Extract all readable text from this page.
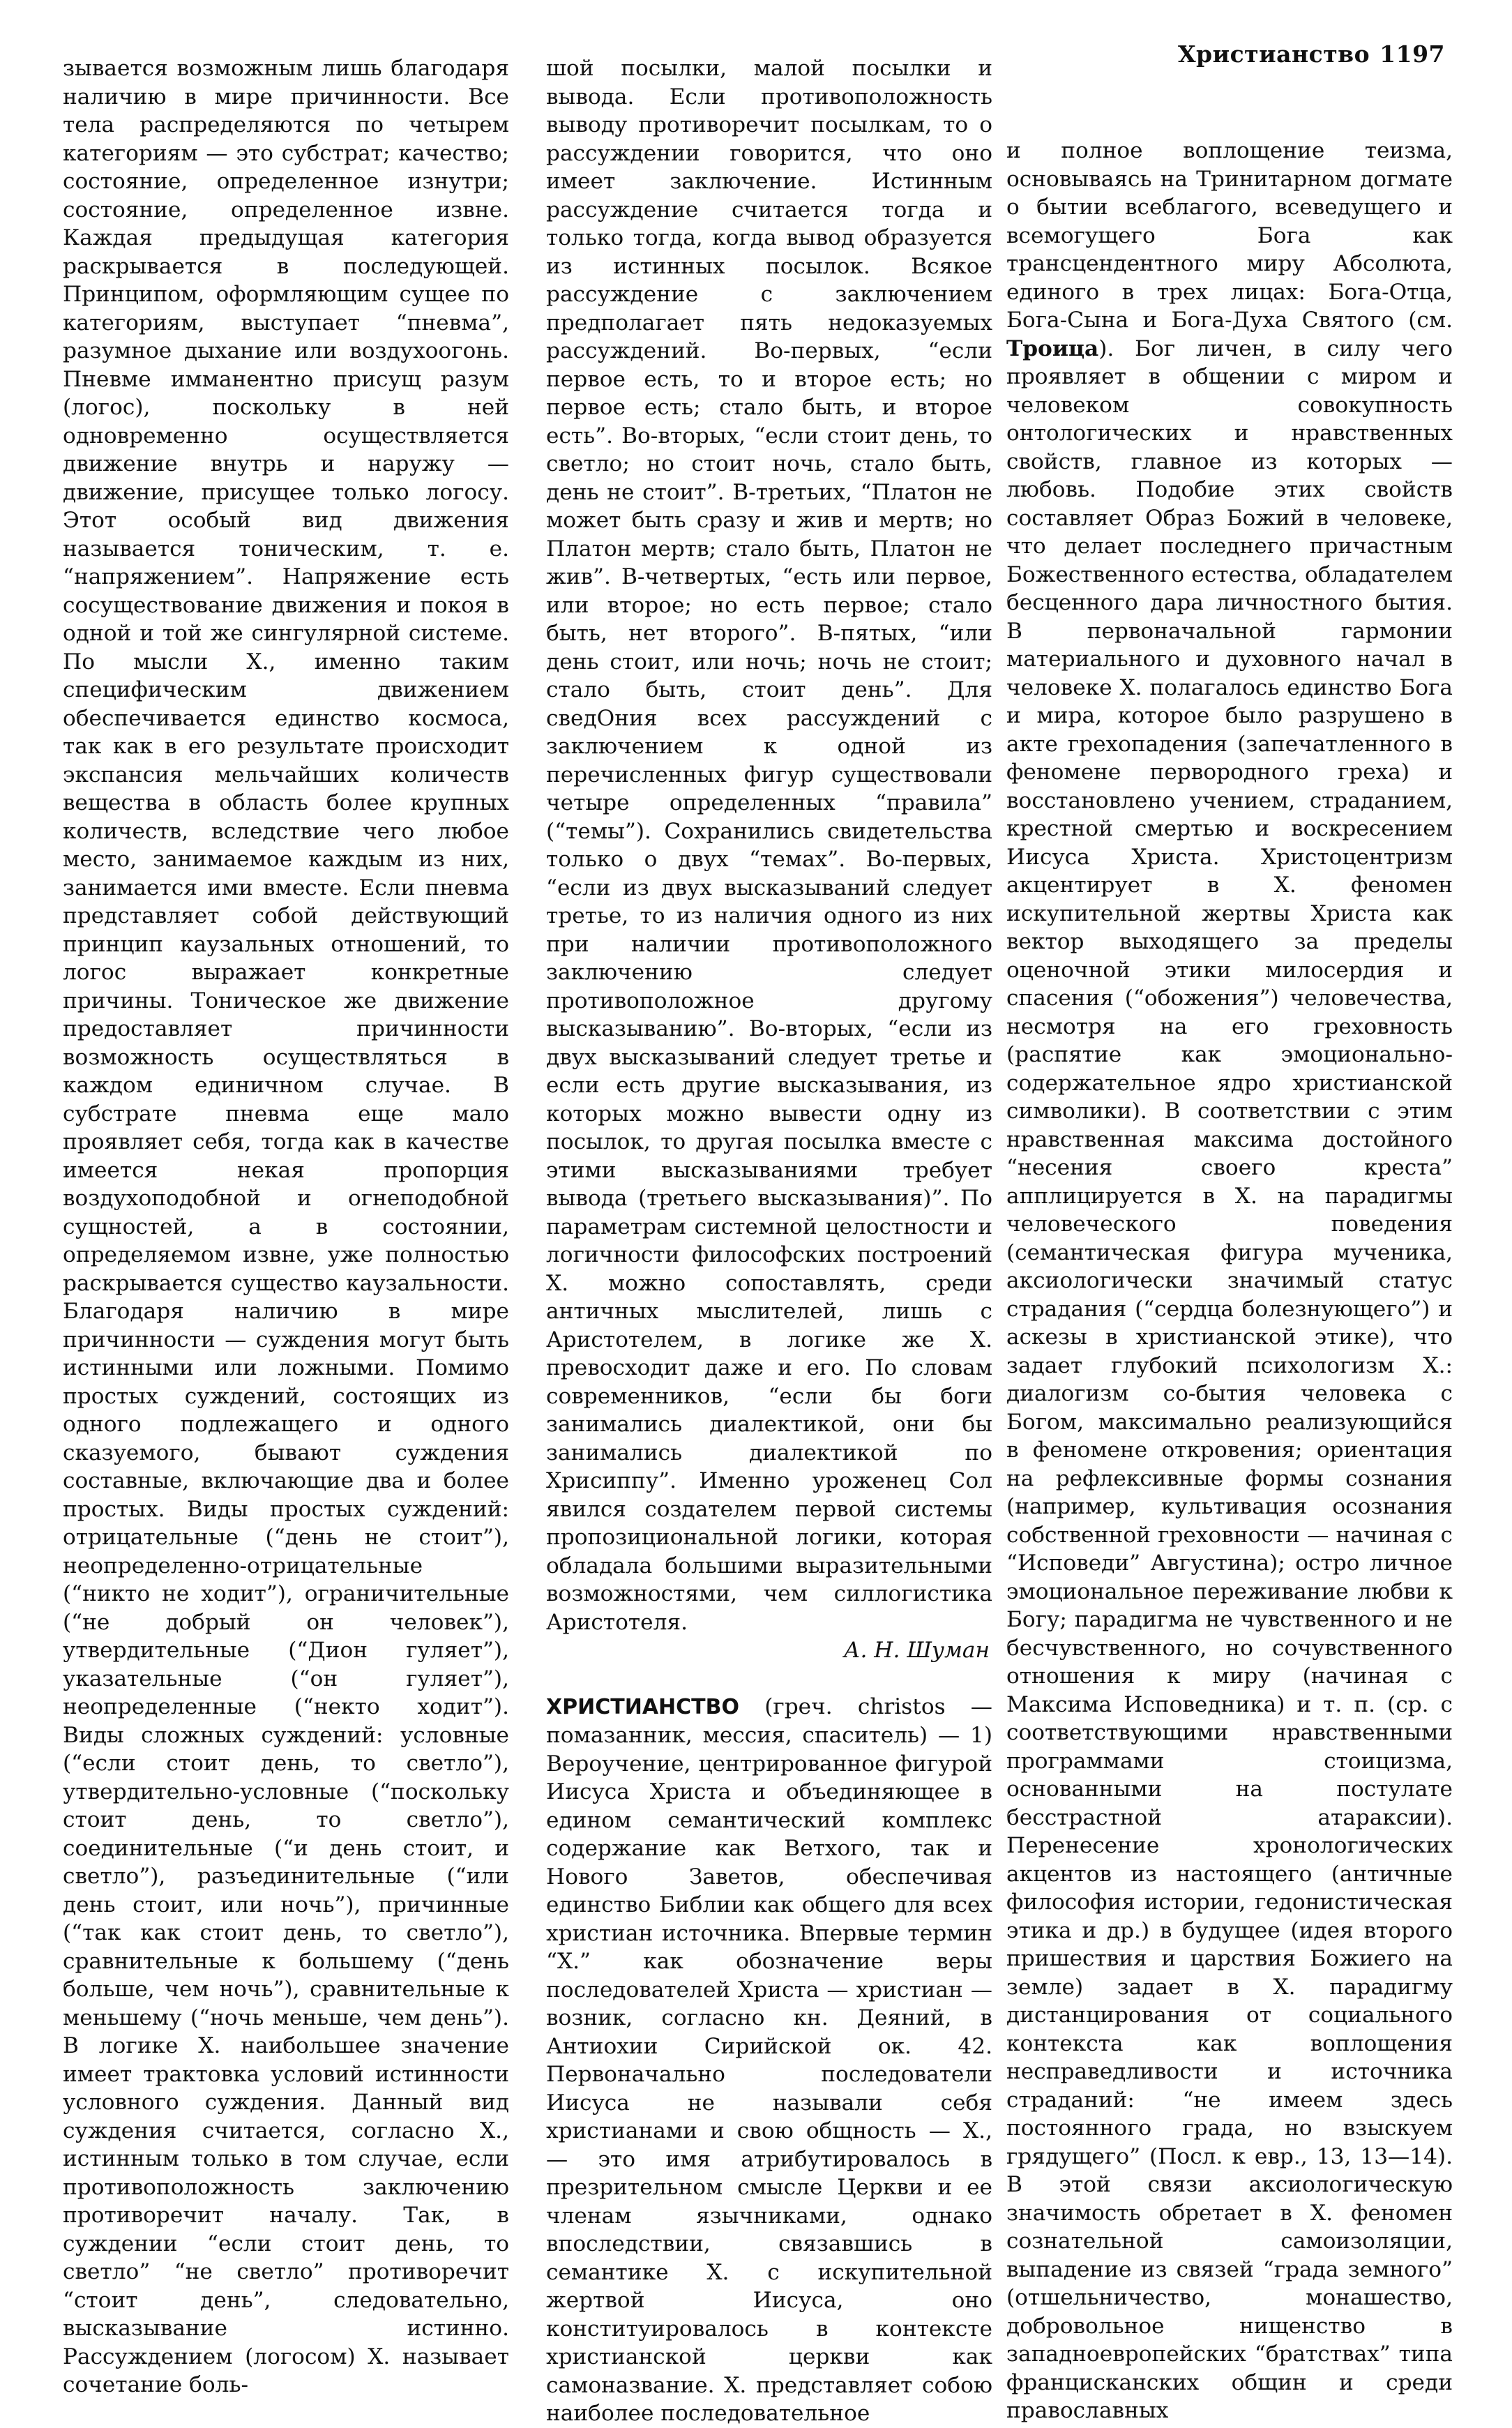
Христианство 1197

зывается возможным лишь благодаря наличию в мире причинности. Все тела распределяются по четырем категориям — это субстрат; качество; состояние, определенное изнутри; состояние, определенное извне. Каждая предыдущая категория раскрывается в последующей. Принципом, оформляющим сущее по категориям, выступает “пневма”, разумное дыхание или воздухоогонь. Пневме имманентно присущ разум (логос), поскольку в ней одновременно осуществляется движение внутрь и наружу — движение, присущее только логосу. Этот особый вид движения называется тоническим, т. е. “напряжением”. Напряжение есть сосуществование движения и покоя в одной и той же сингулярной системе. По мысли Х., именно таким специфическим движением обеспечивается единство космоса, так как в его результате происходит экспансия мельчайших количеств вещества в область более крупных количеств, вследствие чего любое место, занимаемое каждым из них, занимается ими вместе. Если пневма представляет собой действующий принцип каузальных отношений, то логос выражает конкретные причины. Тоническое же движение предоставляет причинности возможность осуществляться в каждом единичном случае. В субстрате пневма еще мало проявляет себя, тогда как в качестве имеется некая пропорция воздухоподобной и огнеподобной сущностей, а в состоянии, определяемом извне, уже полностью раскрывается существо каузальности. Благодаря наличию в мире причинности — суждения могут быть истинными или ложными. Помимо простых суждений, состоящих из одного подлежащего и одного сказуемого, бывают суждения составные, включающие два и более простых. Виды простых суждений: отрицательные (“день не стоит”), неопределенно-отрицательные (“никто не ходит”), ограничительные (“не добрый он человек”), утвердительные (“Дион гуляет”), указательные (“он гуляет”), неопределенные (“некто ходит”). Виды сложных суждений: условные (“если стоит день, то светло”), утвердительно-условные (“поскольку стоит день, то светло”), соединительные (“и день стоит, и светло”), разъединительные (“или день стоит, или ночь”), причинные (“так как стоит день, то светло”), сравнительные к большему (“день больше, чем ночь”), сравнительные к меньшему (“ночь меньше, чем день”). В логике Х. наибольшее значение имеет трактовка условий истинности условного суждения. Данный вид суждения считается, согласно Х., истинным только в том случае, если противоположность заключению противоречит началу. Так, в суждении “если стоит день, то светло” “не светло” противоречит “стоит день”, следовательно, высказывание истинно. Рассуждением (логосом) Х. называет сочетание боль-

шой посылки, малой посылки и вывода. Если противоположность выводу противоречит посылкам, то о рассуждении говорится, что оно имеет заключение. Истинным рассуждение считается тогда и только тогда, когда вывод образуется из истинных посылок. Всякое рассуждение с заключением предполагает пять недоказуемых рассуждений. Во-первых, “если первое есть, то и второе есть; но первое есть; стало быть, и второе есть”. Во-вторых, “если стоит день, то светло; но стоит ночь, стало быть, день не стоит”. В-третьих, “Платон не может быть сразу и жив и мертв; но Платон мертв; стало быть, Платон не жив”. В-четвертых, “есть или первое, или второе; но есть первое; стало быть, нет второго”. В-пятых, “или день стоит, или ночь; ночь не стоит; стало быть, стоит день”. Для сведОния всех рассуждений с заключением к одной из перечисленных фигур существовали четыре определенных “правила” (“темы”). Сохранились свидетельства только о двух “темах”. Во-первых, “если из двух высказываний следует третье, то из наличия одного из них при наличии противоположного заключению следует противоположное другому высказыванию”. Во-вторых, “если из двух высказываний следует третье и если есть другие высказывания, из которых можно вывести одну из посылок, то другая посылка вместе с этими высказываниями требует вывода (третьего высказывания)”. По параметрам системной целостности и логичности философских построений Х. можно сопоставлять, среди античных мыслителей, лишь с Аристотелем, в логике же Х. превосходит даже и его. По словам современников, “если бы боги занимались диалектикой, они бы занимались диалектикой по Хрисиппу”. Именно уроженец Сол явился создателем первой системы пропозициональной логики, которая обладала большими выразительными возможностями, чем силлогистика Аристотеля.

А. Н. Шуман

ХРИСТИАНСТВО (греч. christos — помазанник, мессия, спаситель) — 1) Вероучение, центрированное фигурой Иисуса Христа и объединяющее в едином семантический комплекс содержание как Ветхого, так и Нового Заветов, обеспечивая единство Библии как общего для всех христиан источника. Впервые термин “Х.” как обозначение веры последователей Христа — христиан — возник, согласно кн. Деяний, в Антиохии Сирийской ок. 42. Первоначально последователи Иисуса не называли себя христианами и свою общность — Х., — это имя атрибутировалось в презрительном смысле Церкви и ее членам язычниками, однако впоследствии, связавшись в семантике Х. с искупительной жертвой Иисуса, оно конституировалось в контексте христианской церкви как самоназвание. Х. представляет собою наиболее последовательное

и полное воплощение теизма, основываясь на Тринитарном догмате о бытии всеблагого, всеведущего и всемогущего Бога как трансцендентного миру Абсолюта, единого в трех лицах: Бога-Отца, Бога-Сына и Бога-Духа Святого (см. Троица). Бог личен, в силу чего проявляет в общении с миром и человеком совокупность онтологических и нравственных свойств, главное из которых — любовь. Подобие этих свойств составляет Образ Божий в человеке, что делает последнего причастным Божественного естества, обладателем бесценного дара личностного бытия. В первоначальной гармонии материального и духовного начал в человеке Х. полагалось единство Бога и мира, которое было разрушено в акте грехопадения (запечатленного в феномене первородного греха) и восстановлено учением, страданием, крестной смертью и воскресением Иисуса Христа. Христоцентризм акцентирует в Х. феномен искупительной жертвы Христа как вектор выходящего за пределы оценочной этики милосердия и спасения (“обожения”) человечества, несмотря на его греховность (распятие как эмоционально-содержательное ядро христианской символики). В соответствии с этим нравственная максима достойного “несения своего креста” апплицируется в Х. на парадигмы человеческого поведения (семантическая фигура мученика, аксиологически значимый статус страдания (“сердца болезнующего”) и аскезы в христианской этике), что задает глубокий психологизм Х.: диалогизм со-бытия человека с Богом, максимально реализующийся в феномене откровения; ориентация на рефлексивные формы сознания (например, культивация осознания собственной греховности — начиная с “Исповеди” Августина); остро личное эмоциональное переживание любви к Богу; парадигма не чувственного и не бесчувственного, но сочувственного отношения к миру (начиная с Максима Исповедника) и т. п. (ср. с соответствующими нравственными программами стоицизма, основанными на постулате бесстрастной атараксии). Перенесение хронологических акцентов из настоящего (античные философия истории, гедонистическая этика и др.) в будущее (идея второго пришествия и царствия Божиего на земле) задает в Х. парадигму дистанцирования от социального контекста как воплощения несправедливости и источника страданий: “не имеем здесь постоянного града, но взыскуем грядущего” (Посл. к евр., 13, 13—14). В этой связи аксиологическую значимость обретает в Х. феномен сознательной самоизоляции, выпадение из связей “града земного” (отшельничество, монашество, добровольное нищенство в западноевропейских “братствах” типа францисканских общин и среди православных
